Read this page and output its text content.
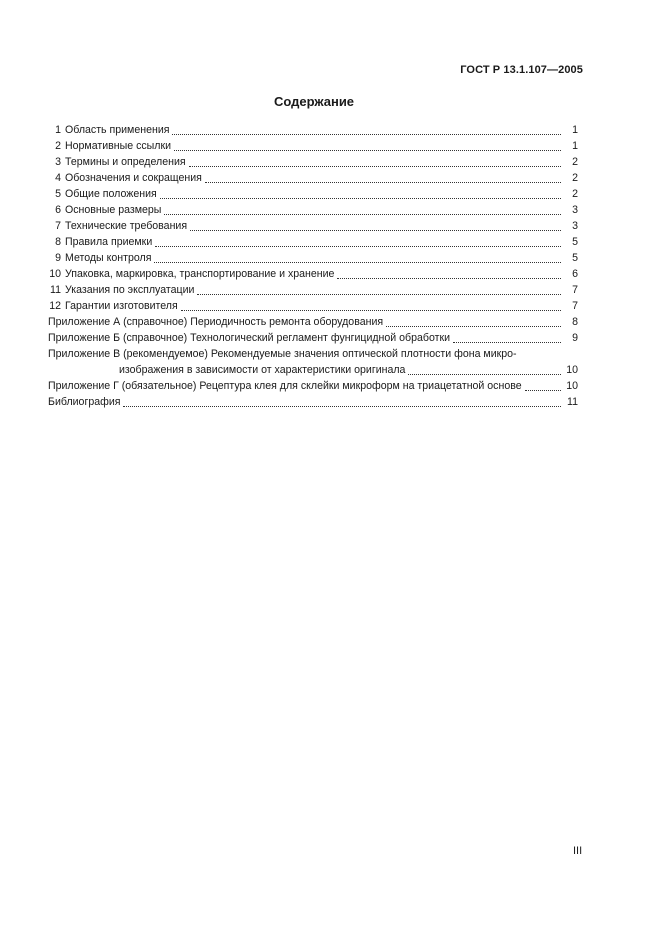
ГОСТ Р 13.1.107—2005
Содержание
1 Область применения	1
2 Нормативные ссылки	1
3 Термины и определения	2
4 Обозначения и сокращения	2
5 Общие положения	2
6 Основные размеры	3
7 Технические требования	3
8 Правила приемки	5
9 Методы контроля	5
10 Упаковка, маркировка, транспортирование и хранение	6
11 Указания по эксплуатации	7
12 Гарантии изготовителя	7
Приложение А (справочное) Периодичность ремонта оборудования	8
Приложение Б (справочное) Технологический регламент фунгицидной обработки	9
Приложение В (рекомендуемое) Рекомендуемые значения оптической плотности фона микро-
изображения в зависимости от характеристики оригинала	10
Приложение Г (обязательное) Рецептура клея для склейки микроформ на триацетатной основе	10
Библиография	11
III
